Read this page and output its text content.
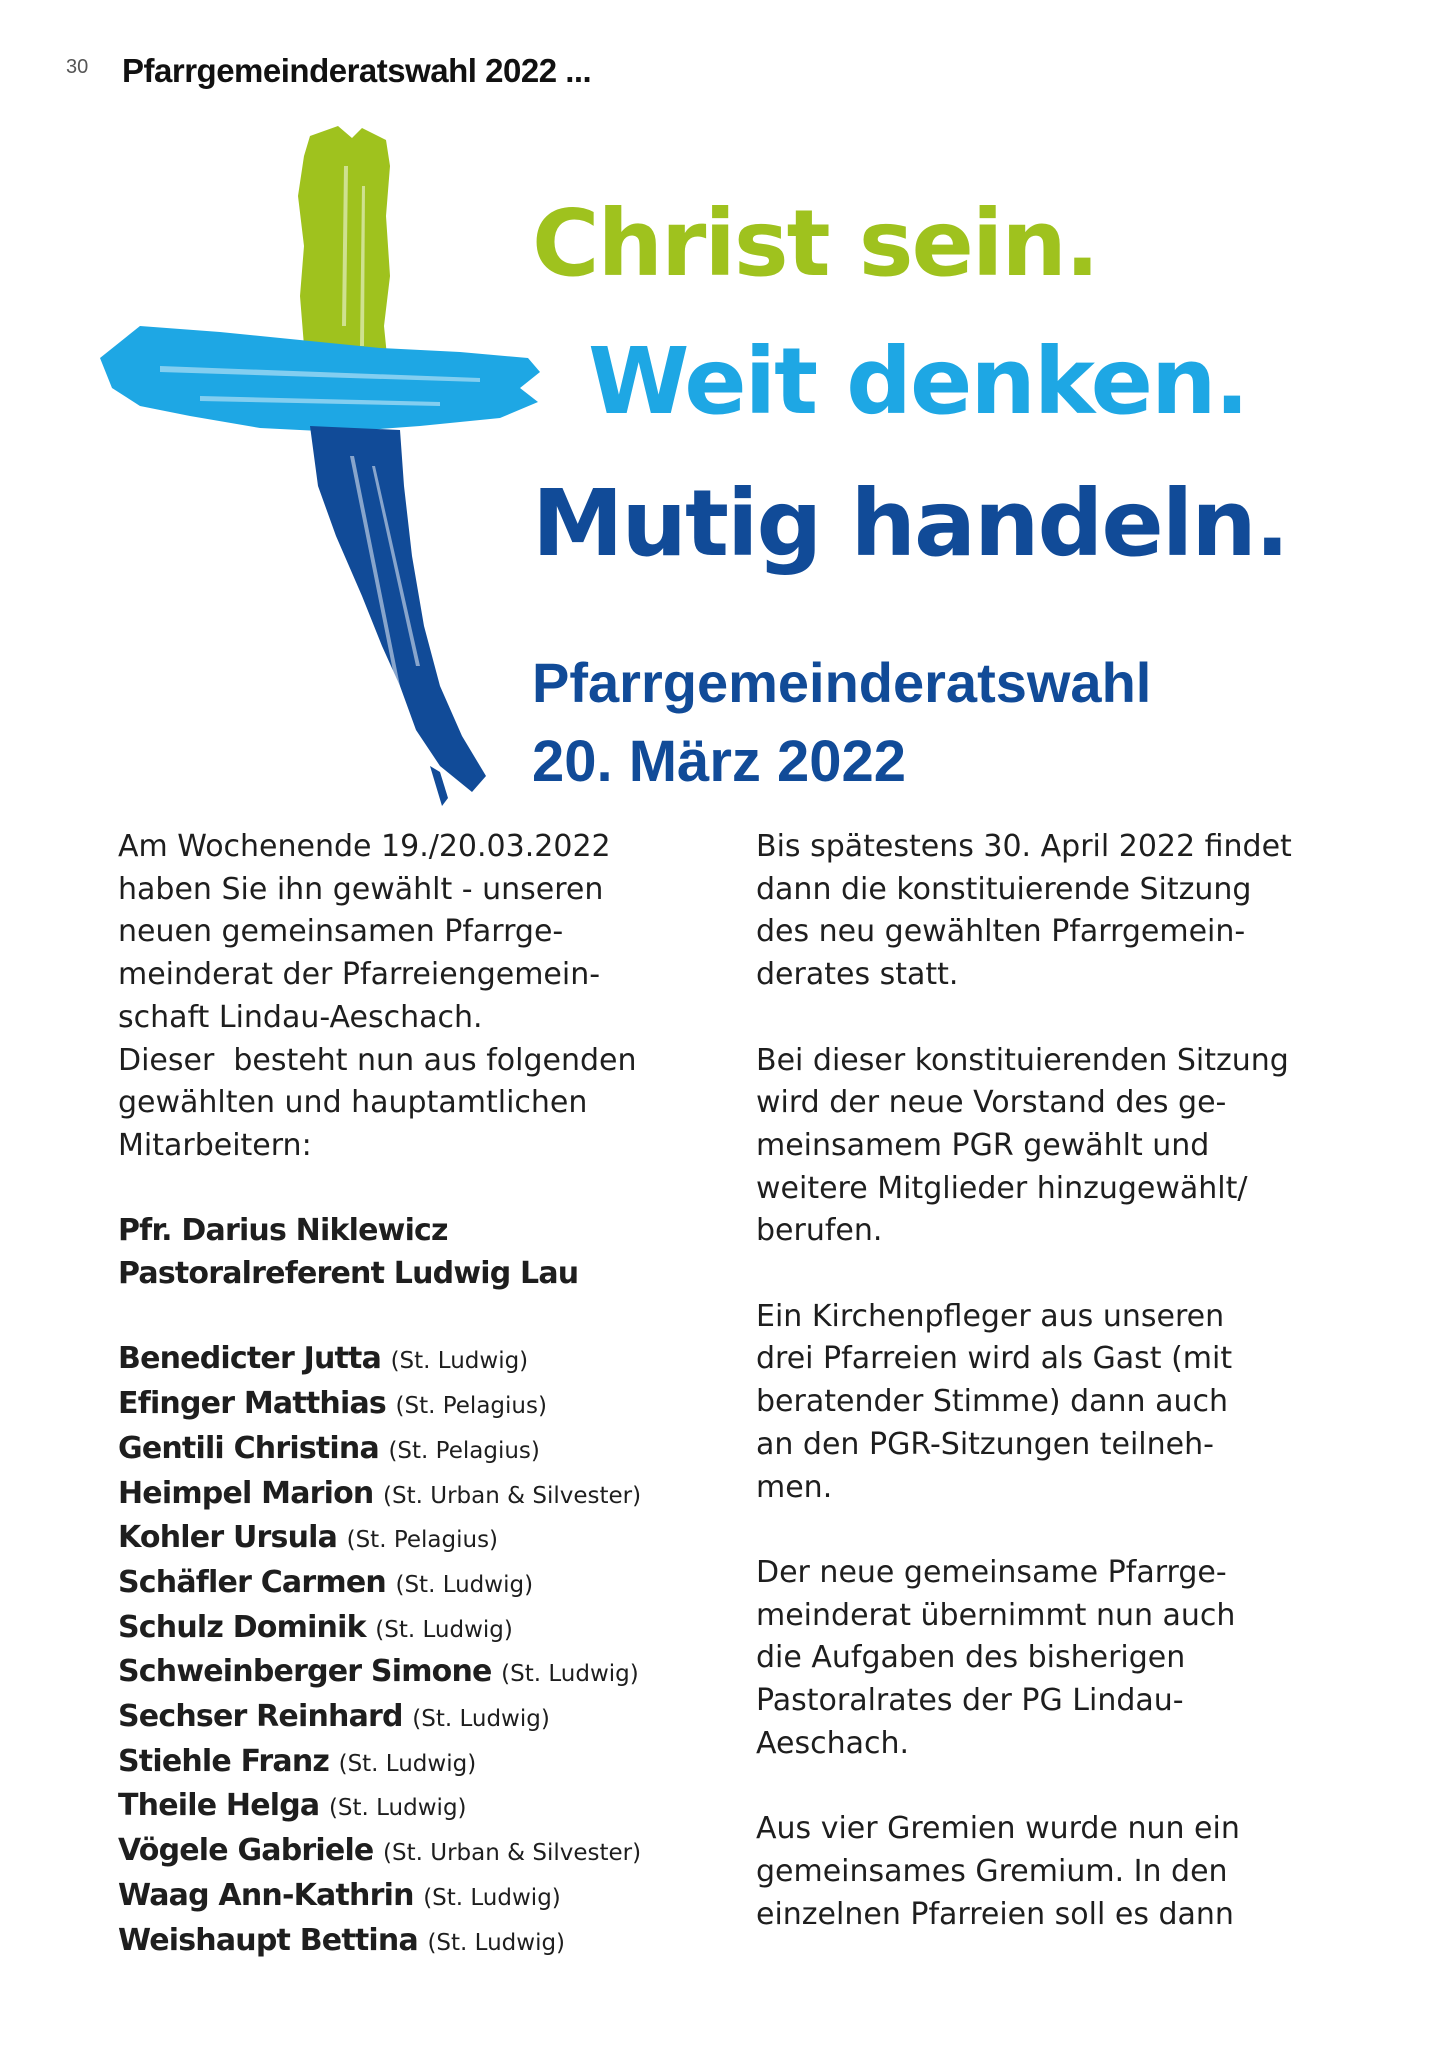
30 Pfarrgemeinderatswahl 2022 ...
Christ sein.
Weit denken.
Mutig handeln.
Pfarrgemeinderatswahl
20. März 2022

Am Wochenende 19./20.03.2022

haben Sie ihn gewählt - unseren

neuen gemeinsamen Pfarrge-

meinderat der Pfarreiengemein-

schaft Lindau-Aeschach.

Dieser  besteht nun aus folgenden

gewählten und hauptamtlichen

Mitarbeitern:

Pfr. Darius Niklewicz

Pastoralreferent Ludwig Lau

Benedicter Jutta (St. Ludwig)

Efinger Matthias (St. Pelagius)

Gentili Christina (St. Pelagius)

Heimpel Marion (St. Urban & Silvester)

Kohler Ursula (St. Pelagius)

Schäfler Carmen (St. Ludwig)

Schulz Dominik (St. Ludwig)

Schweinberger Simone (St. Ludwig)

Sechser Reinhard (St. Ludwig)

Stiehle Franz (St. Ludwig)

Theile Helga (St. Ludwig)

Vögele Gabriele (St. Urban & Silvester)

Waag Ann-Kathrin (St. Ludwig)

Weishaupt Bettina (St. Ludwig)

Bis spätestens 30. April 2022 findet

dann die konstituierende Sitzung

des neu gewählten Pfarrgemein-

derates statt.

Bei dieser konstituierenden Sitzung

wird der neue Vorstand des ge-

meinsamem PGR gewählt und

weitere Mitglieder hinzugewählt/

berufen.

Ein Kirchenpfleger aus unseren

drei Pfarreien wird als Gast (mit

beratender Stimme) dann auch

an den PGR-Sitzungen teilneh-

men.

Der neue gemeinsame Pfarrge-

meinderat übernimmt nun auch

die Aufgaben des bisherigen

Pastoralrates der PG Lindau-

Aeschach.

Aus vier Gremien wurde nun ein

gemeinsames Gremium. In den

einzelnen Pfarreien soll es dann
